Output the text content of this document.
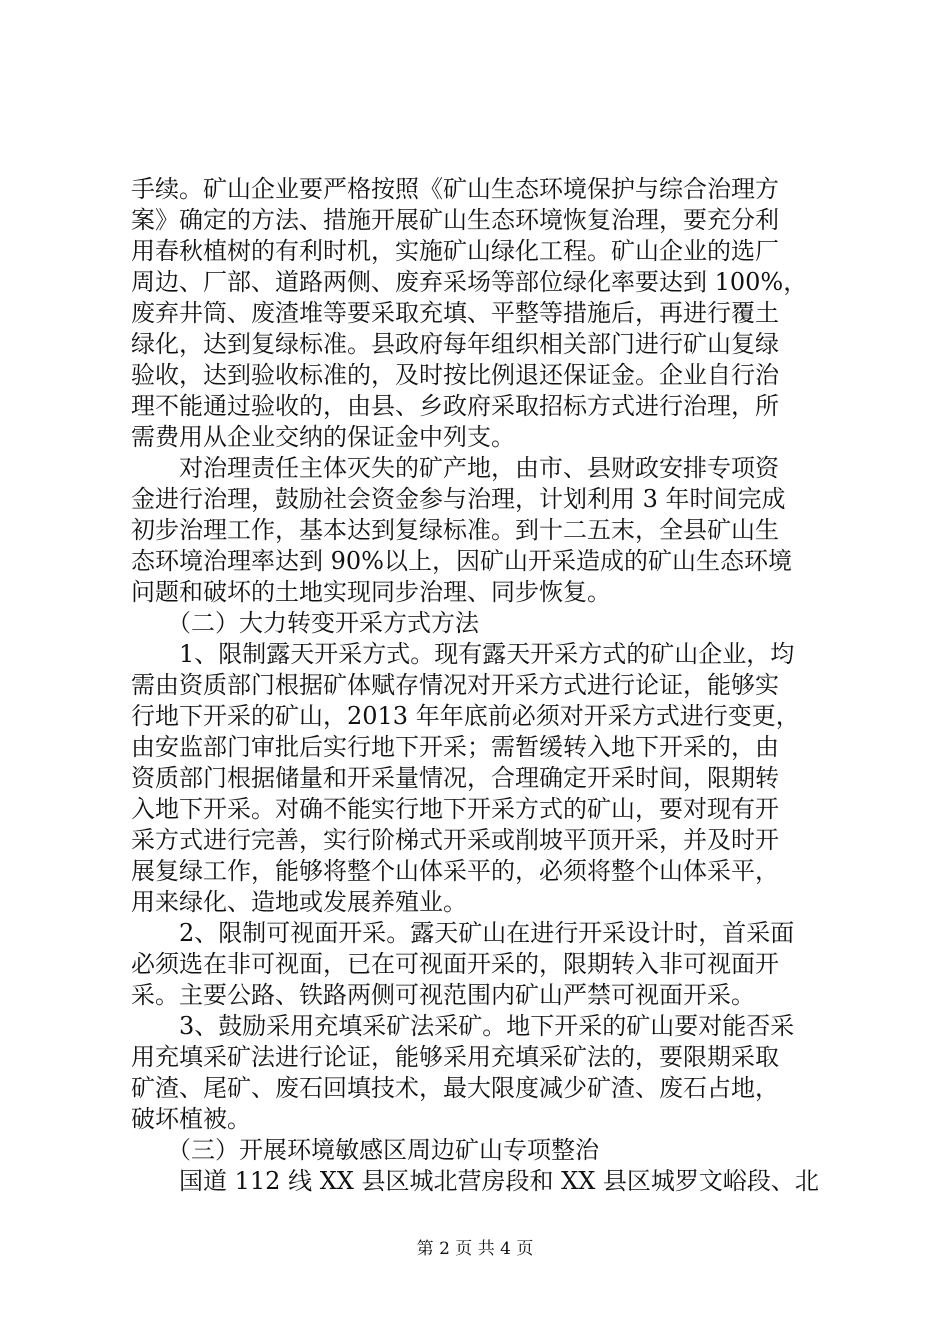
手续。矿山企业要严格按照《矿山生态环境保护与综合治理方
案》确定的方法、措施开展矿山生态环境恢复治理，要充分利
用春秋植树的有利时机，实施矿山绿化工程。矿山企业的选厂
周边、厂部、道路两侧、废弃采场等部位绿化率要达到 100%，
废弃井筒、废渣堆等要采取充填、平整等措施后，再进行覆土
绿化，达到复绿标准。县政府每年组织相关部门进行矿山复绿
验收，达到验收标准的，及时按比例退还保证金。企业自行治
理不能通过验收的，由县、乡政府采取招标方式进行治理，所
需费用从企业交纳的保证金中列支。
　　对治理责任主体灭失的矿产地，由市、县财政安排专项资
金进行治理，鼓励社会资金参与治理，计划利用 3 年时间完成
初步治理工作，基本达到复绿标准。到十二五末，全县矿山生
态环境治理率达到 90%以上，因矿山开采造成的矿山生态环境
问题和破坏的土地实现同步治理、同步恢复。
　　（二）大力转变开采方式方法
　　1、限制露天开采方式。现有露天开采方式的矿山企业，均
需由资质部门根据矿体赋存情况对开采方式进行论证，能够实
行地下开采的矿山，2013 年年底前必须对开采方式进行变更，
由安监部门审批后实行地下开采；需暂缓转入地下开采的，由
资质部门根据储量和开采量情况，合理确定开采时间，限期转
入地下开采。对确不能实行地下开采方式的矿山，要对现有开
采方式进行完善，实行阶梯式开采或削坡平顶开采，并及时开
展复绿工作，能够将整个山体采平的，必须将整个山体采平，
用来绿化、造地或发展养殖业。
　　2、限制可视面开采。露天矿山在进行开采设计时，首采面
必须选在非可视面，已在可视面开采的，限期转入非可视面开
采。主要公路、铁路两侧可视范围内矿山严禁可视面开采。
　　3、鼓励采用充填采矿法采矿。地下开采的矿山要对能否采
用充填采矿法进行论证，能够采用充填采矿法的，要限期采取
矿渣、尾矿、废石回填技术，最大限度减少矿渣、废石占地，
破坏植被。
　　（三）开展环境敏感区周边矿山专项整治
　　国道 112 线 XX 县区城北营房段和 XX 县区城罗文峪段、北
第 2 页 共 4 页
